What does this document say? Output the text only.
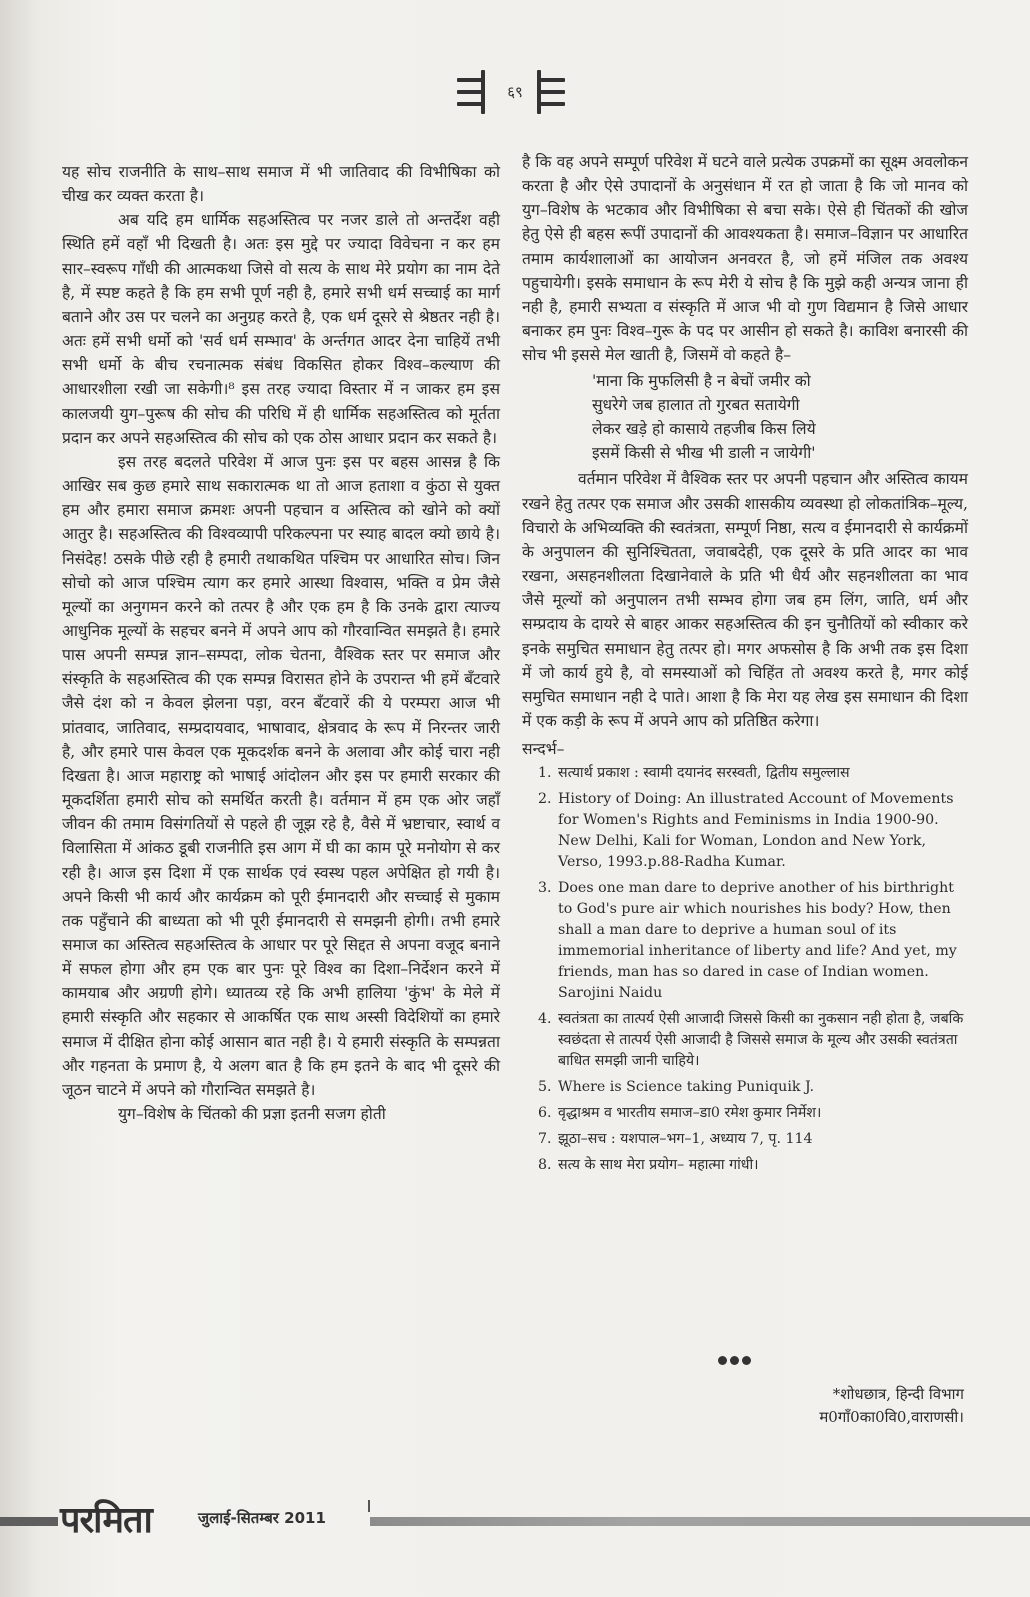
६९

यह सोच राजनीति के साथ–साथ समाज में भी जातिवाद की विभीषिका को चीख कर व्यक्त करता है।

अब यदि हम धार्मिक सहअस्तित्व पर नजर डाले तो अन्तर्देश वही स्थिति हमें वहाँ भी दिखती है। अतः इस मुद्दे पर ज्यादा विवेचना न कर हम सार–स्वरूप गाँधी की आत्मकथा जिसे वो सत्य के साथ मेरे प्रयोग का नाम देते है, में स्पष्ट कहते है कि हम सभी पूर्ण नही है, हमारे सभी धर्म सच्चाई का मार्ग बताने और उस पर चलने का अनुग्रह करते है, एक धर्म दूसरे से श्रेष्ठतर नही है। अतः हमें सभी धर्मो को 'सर्व धर्म सम्भाव' के अर्न्तगत आदर देना चाहियें तभी सभी धर्मो के बीच रचनात्मक संबंध विकसित होकर विश्व–कल्याण की आधारशीला रखी जा सकेगी।⁸ इस तरह ज्यादा विस्तार में न जाकर हम इस कालजयी युग–पुरूष की सोच की परिधि में ही धार्मिक सहअस्तित्व को मूर्तता प्रदान कर अपने सहअस्तित्व की सोच को एक ठोस आधार प्रदान कर सकते है।

इस तरह बदलते परिवेश में आज पुनः इस पर बहस आसन्न है कि आखिर सब कुछ हमारे साथ सकारात्मक था तो आज हताशा व कुंठा से युक्त हम और हमारा समाज क्रमशः अपनी पहचान व अस्तित्व को खोने को क्यों आतुर है। सहअस्तित्व की विश्वव्यापी परिकल्पना पर स्याह बादल क्यो छाये है। निसंदेह! ठसके पीछे रही है हमारी तथाकथित पश्चिम पर आधारित सोच। जिन सोचो को आज पश्चिम त्याग कर हमारे आस्था विश्वास, भक्ति व प्रेम जैसे मूल्यों का अनुगमन करने को तत्पर है और एक हम है कि उनके द्वारा त्याज्य आधुनिक मूल्यों के सहचर बनने में अपने आप को गौरवान्वित समझते है। हमारे पास अपनी सम्पन्न ज्ञान–सम्पदा, लोक चेतना, वैश्विक स्तर पर समाज और संस्कृति के सहअस्तित्व की एक सम्पन्न विरासत होने के उपरान्त भी हमें बँटवारे जैसे दंश को न केवल झेलना पड़ा, वरन बँटवारें की ये परम्परा आज भी प्रांतवाद, जातिवाद, सम्प्रदायवाद, भाषावाद, क्षेत्रवाद के रूप में निरन्तर जारी है, और हमारे पास केवल एक मूकदर्शक बनने के अलावा और कोई चारा नही दिखता है। आज महाराष्ट्र को भाषाई आंदोलन और इस पर हमारी सरकार की मूकदर्शिता हमारी सोच को समर्थित करती है। वर्तमान में हम एक ओर जहाँ जीवन की तमाम विसंगतियों से पहले ही जूझ रहे है, वैसे में भ्रष्टाचार, स्वार्थ व विलासिता में आंकठ डूबी राजनीति इस आग में घी का काम पूरे मनोयोग से कर रही है। आज इस दिशा में एक सार्थक एवं स्वस्थ पहल अपेक्षित हो गयी है। अपने किसी भी कार्य और कार्यक्रम को पूरी ईमानदारी और सच्चाई से मुकाम तक पहुँचाने की बाध्यता को भी पूरी ईमानदारी से समझनी होगी। तभी हमारे समाज का अस्तित्व सहअस्तित्व के आधार पर पूरे सिद्दत से अपना वजूद बनाने में सफल होगा और हम एक बार पुनः पूरे विश्व का दिशा–निर्देशन करने में कामयाब और अग्रणी होगे। ध्यातव्य रहे कि अभी हालिया 'कुंभ' के मेले में हमारी संस्कृति और सहकार से आकर्षित एक साथ अस्सी विदेशियों का हमारे समाज में दीक्षित होना कोई आसान बात नही है। ये हमारी संस्कृति के सम्पन्नता और गहनता के प्रमाण है, ये अलग बात है कि हम इतने के बाद भी दूसरे की जूठन चाटने में अपने को गौरान्वित समझते है।

युग–विशेष के चिंतको की प्रज्ञा इतनी सजग होती

है कि वह अपने सम्पूर्ण परिवेश में घटने वाले प्रत्येक उपक्रमों का सूक्ष्म अवलोकन करता है और ऐसे उपादानों के अनुसंधान में रत हो जाता है कि जो मानव को युग–विशेष के भटकाव और विभीषिका से बचा सके। ऐसे ही चिंतकों की खोज हेतु ऐसे ही बहस रूपीं उपादानों की आवश्यकता है। समाज–विज्ञान पर आधारित तमाम कार्यशालाओं का आयोजन अनवरत है, जो हमें मंजिल तक अवश्य पहुचायेगी। इसके समाधान के रूप मेरी ये सोच है कि मुझे कही अन्यत्र जाना ही नही है, हमारी सभ्यता व संस्कृति में आज भी वो गुण विद्यमान है जिसे आधार बनाकर हम पुनः विश्व–गुरू के पद पर आसीन हो सकते है। काविश बनारसी की सोच भी इससे मेल खाती है, जिसमें वो कहते है–

'माना कि मुफलिसी है न बेचों जमीर को
सुधरेगे जब हालात तो गुरबत सतायेगी
लेकर खड़े हो कासाये तहजीब किस लिये
इसमें किसी से भीख भी डाली न जायेगी'

वर्तमान परिवेश में वैश्विक स्तर पर अपनी पहचान और अस्तित्व कायम रखने हेतु तत्पर एक समाज और उसकी शासकीय व्यवस्था हो लोकतांत्रिक–मूल्य, विचारो के अभिव्यक्ति की स्वतंत्रता, सम्पूर्ण निष्ठा, सत्य व ईमानदारी से कार्यक्रमों के अनुपालन की सुनिश्चितता, जवाबदेही, एक दूसरे के प्रति आदर का भाव रखना, असहनशीलता दिखानेवाले के प्रति भी धैर्य और सहनशीलता का भाव जैसे मूल्यों को अनुपालन तभी सम्भव होगा जब हम लिंग, जाति, धर्म और सम्प्रदाय के दायरे से बाहर आकर सहअस्तित्व की इन चुनौतियों को स्वीकार करे इनके समुचित समाधान हेतु तत्पर हो। मगर अफसोस है कि अभी तक इस दिशा में जो कार्य हुये है, वो समस्याओं को चिहिंत तो अवश्य करते है, मगर कोई समुचित समाधान नही दे पाते। आशा है कि मेरा यह लेख इस समाधान की दिशा में एक कड़ी के रूप में अपने आप को प्रतिष्ठित करेगा।

सन्दर्भ–
1. सत्यार्थ प्रकाश : स्वामी दयानंद सरस्वती, द्वितीय समुल्लास
2. History of Doing: An illustrated Account of Movements for Women's Rights and Feminisms in India 1900-90. New Delhi, Kali for Woman, London and New York, Verso, 1993.p.88-Radha Kumar.
3. Does one man dare to deprive another of his birthright to God's pure air which nourishes his body? How, then shall a man dare to deprive a human soul of its immemorial inheritance of liberty and life? And yet, my friends, man has so dared in case of Indian women. Sarojini Naidu
4. स्वतंत्रता का तात्पर्य ऐसी आजादी जिससे किसी का नुकसान नही होता है, जबकि स्वछंदता से तात्पर्य ऐसी आजादी है जिससे समाज के मूल्य और उसकी स्वतंत्रता बाधित समझी जानी चाहिये।
5. Where is Science taking Puniquik J.
6. वृद्धाश्रम व भारतीय समाज–डा0 रमेश कुमार निर्मेश।
7. झूठा–सच : यशपाल–भग–1, अध्याय 7, पृ. 114
8. सत्य के साथ मेरा प्रयोग– महात्मा गांधी।
*शोधछात्र, हिन्दी विभाग
म0गाँ0का0वि0,वाराणसी।
परमिता	जुलाई-सितम्बर 2011
